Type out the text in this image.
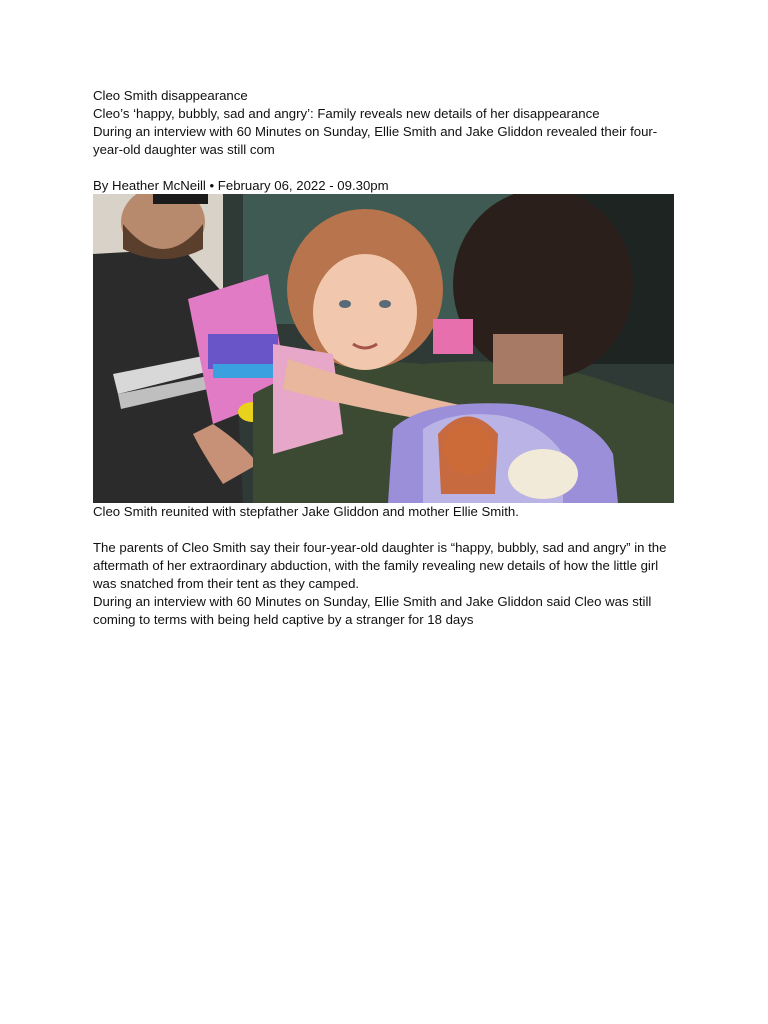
Cleo Smith disappearance

Cleo’s ‘happy, bubbly, sad and angry’: Family reveals new details of her disappearance

During an interview with 60 Minutes on Sunday, Ellie Smith and Jake Gliddon revealed their four-year-old daughter was still com

By Heather McNeill • February 06, 2022 - 09.30pm

Cleo Smith reunited with stepfather Jake Gliddon and mother Ellie Smith.

The parents of Cleo Smith say their four-year-old daughter is “happy, bubbly, sad and angry” in the aftermath of her extraordinary abduction, with the family revealing new details of how the little girl was snatched from their tent as they camped.

During an interview with 60 Minutes on Sunday, Ellie Smith and Jake Gliddon said Cleo was still coming to terms with being held captive by a stranger for 18 days
